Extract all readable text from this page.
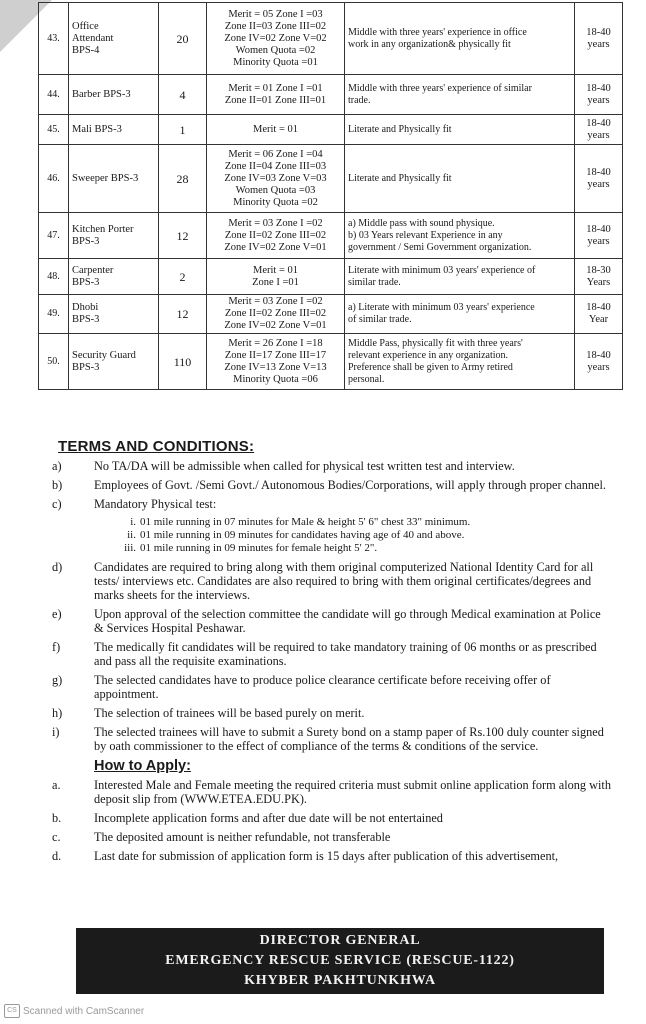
43.	Office
Attendant
BPS-4	20	Merit = 05 Zone I =03
Zone II=03 Zone III=02
Zone IV=02 Zone V=02
Women Quota =02
Minority Quota =01	Middle with three years' experience in office
work in any organization& physically fit	18-40
years

44.	Barber BPS-3	4	Merit = 01 Zone I =01
Zone II=01 Zone III=01	Middle with three years' experience of similar
trade.	18-40
years

45.	Mali BPS-3	1	Merit = 01	Literate and Physically fit	18-40
years

46.	Sweeper BPS-3	28	Merit = 06 Zone I =04
Zone II=04 Zone III=03
Zone IV=03 Zone V=03
Women Quota =03
Minority Quota =02	Literate and Physically fit	18-40
years

47.	Kitchen Porter
BPS-3	12	Merit = 03 Zone I =02
Zone II=02 Zone III=02
Zone IV=02 Zone V=01	a) Middle pass with sound physique.
b) 03 Years relevant Experience in any
government / Semi Government organization.	18-40
years

48.	Carpenter
BPS-3	2	Merit = 01
Zone I =01	Literate with minimum 03 years' experience of
similar trade.	18-30
Years

49.	Dhobi
BPS-3	12	Merit = 03 Zone I =02
Zone II=02 Zone III=02
Zone IV=02 Zone V=01	a) Literate with minimum 03 years' experience
of similar trade.	18-40
Year

50.	Security Guard
BPS-3	110	Merit = 26 Zone I =18
Zone II=17 Zone III=17
Zone IV=13 Zone V=13
Minority Quota =06	Middle Pass, physically fit with three years'
relevant experience in any organization.
Preference shall be given to Army retired
personal.	18-40
years
TERMS AND CONDITIONS:
a)	No TA/DA will be admissible when called for physical test written test and interview.
b)	Employees of Govt. /Semi Govt./ Autonomous Bodies/Corporations, will apply through proper channel.
c)	Mandatory Physical test:
i. 01 mile running in 07 minutes for Male & height 5' 6" chest 33" minimum.
ii. 01 mile running in 09 minutes for candidates having age of 40 and above.
iii. 01 mile running in 09 minutes for female height 5' 2".
d)	Candidates are required to bring along with them original computerized National Identity Card for all tests/ interviews etc. Candidates are also required to bring with them original certificates/degrees and marks sheets for the interviews.
e)	Upon approval of the selection committee the candidate will go through Medical examination at Police & Services Hospital Peshawar.
f)	The medically fit candidates will be required to take mandatory training of 06 months or as prescribed and pass all the requisite examinations.
g)	The selected candidates have to produce police clearance certificate before receiving offer of appointment.
h)	The selection of trainees will be based purely on merit.
i)	The selected trainees will have to submit a Surety bond on a stamp paper of Rs.100 duly counter signed by oath commissioner to the effect of compliance of the terms & conditions of the service.
How to Apply:
a.	Interested Male and Female meeting the required criteria must submit online application form along with deposit slip from (WWW.ETEA.EDU.PK).
b.	Incomplete application forms and after due date will be not entertained
c.	The deposited amount is neither refundable, not transferable
d.	Last date for submission of application form is 15 days after publication of this advertisement,
DIRECTOR GENERAL
EMERGENCY RESCUE SERVICE (RESCUE-1122)
KHYBER PAKHTUNKHWA
CS Scanned with CamScanner
